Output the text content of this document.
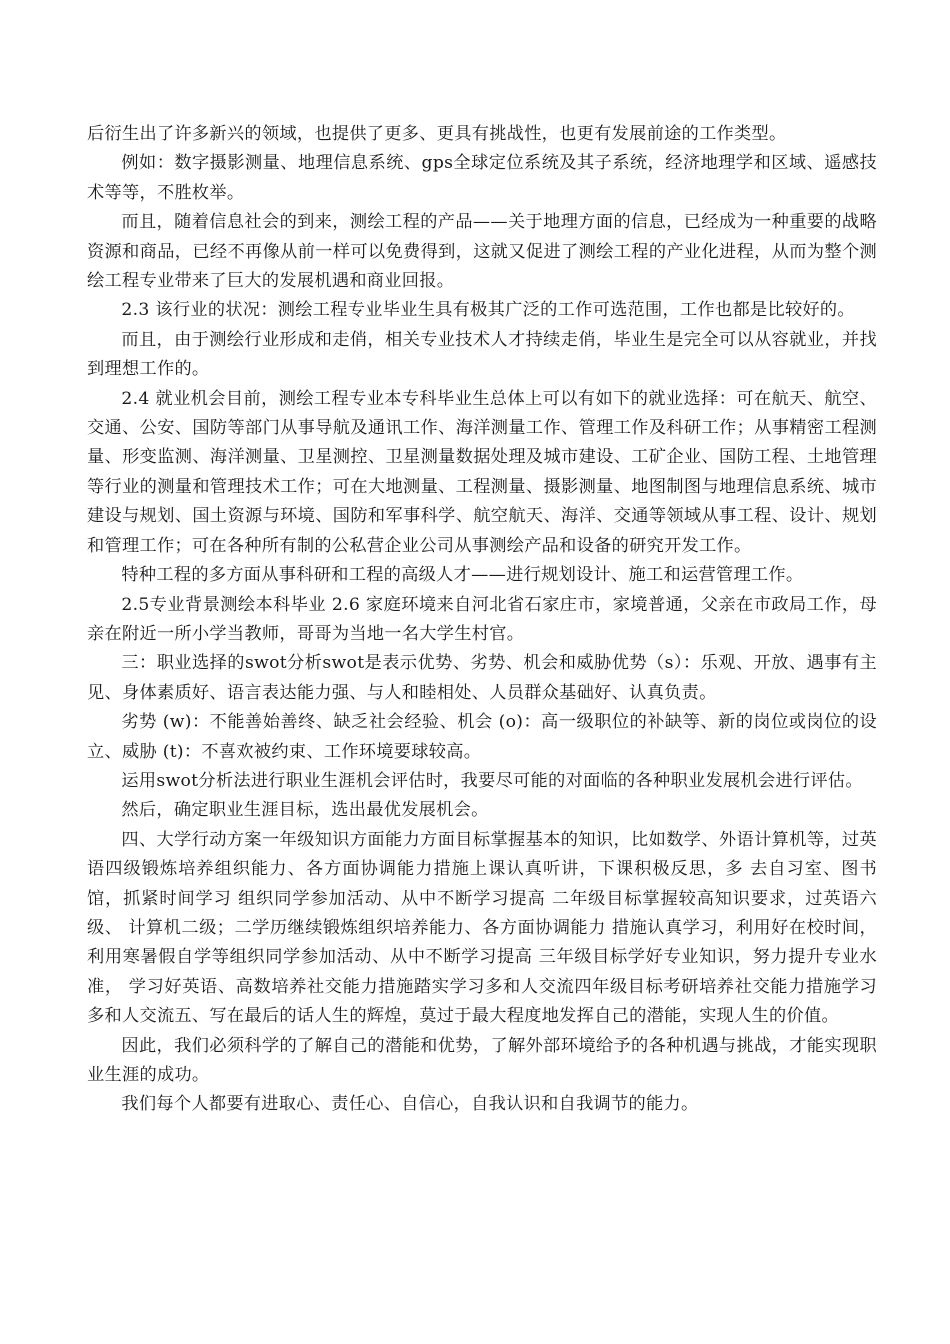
后衍生出了许多新兴的领域，也提供了更多、更具有挑战性，也更有发展前途的工作类型。

例如：数字摄影测量、地理信息系统、gps全球定位系统及其子系统，经济地理学和区域、遥感技术等等，不胜枚举。

而且，随着信息社会的到来，测绘工程的产品——关于地理方面的信息，已经成为一种重要的战略资源和商品，已经不再像从前一样可以免费得到，这就又促进了测绘工程的产业化进程，从而为整个测绘工程专业带来了巨大的发展机遇和商业回报。

2.3 该行业的状况：测绘工程专业毕业生具有极其广泛的工作可选范围，工作也都是比较好的。

而且，由于测绘行业形成和走俏，相关专业技术人才持续走俏，毕业生是完全可以从容就业，并找到理想工作的。

2.4 就业机会目前，测绘工程专业本专科毕业生总体上可以有如下的就业选择：可在航天、航空、交通、公安、国防等部门从事导航及通讯工作、海洋测量工作、管理工作及科研工作；从事精密工程测量、形变监测、海洋测量、卫星测控、卫星测量数据处理及城市建设、工矿企业、国防工程、土地管理等行业的测量和管理技术工作；可在大地测量、工程测量、摄影测量、地图制图与地理信息系统、城市建设与规划、国土资源与环境、国防和军事科学、航空航天、海洋、交通等领域从事工程、设计、规划和管理工作；可在各种所有制的公私营企业公司从事测绘产品和设备的研究开发工作。

特种工程的多方面从事科研和工程的高级人才——进行规划设计、施工和运营管理工作。

2.5专业背景测绘本科毕业 2.6 家庭环境来自河北省石家庄市，家境普通，父亲在市政局工作，母亲在附近一所小学当教师，哥哥为当地一名大学生村官。

三：职业选择的swot分析swot是表示优势、劣势、机会和威胁优势（s）：乐观、开放、遇事有主见、身体素质好、语言表达能力强、与人和睦相处、人员群众基础好、认真负责。

劣势 (w)：不能善始善终、缺乏社会经验、机会 (o)：高一级职位的补缺等、新的岗位或岗位的设立、威胁 (t)：不喜欢被约束、工作环境要球较高。

运用swot分析法进行职业生涯机会评估时，我要尽可能的对面临的各种职业发展机会进行评估。

然后，确定职业生涯目标，选出最优发展机会。

四、大学行动方案一年级知识方面能力方面目标掌握基本的知识，比如数学、外语计算机等，过英语四级锻炼培养组织能力、各方面协调能力措施上课认真听讲，下课积极反思，多 去自习室、图书馆，抓紧时间学习 组织同学参加活动、从中不断学习提高 二年级目标掌握较高知识要求，过英语六级、 计算机二级；二学历继续锻炼组织培养能力、各方面协调能力 措施认真学习，利用好在校时间， 利用寒暑假自学等组织同学参加活动、从中不断学习提高 三年级目标学好专业知识，努力提升专业水准， 学习好英语、高数培养社交能力措施踏实学习多和人交流四年级目标考研培养社交能力措施学习多和人交流五、写在最后的话人生的辉煌，莫过于最大程度地发挥自己的潜能，实现人生的价值。

因此，我们必须科学的了解自己的潜能和优势，了解外部环境给予的各种机遇与挑战，才能实现职业生涯的成功。

我们每个人都要有进取心、责任心、自信心，自我认识和自我调节的能力。
